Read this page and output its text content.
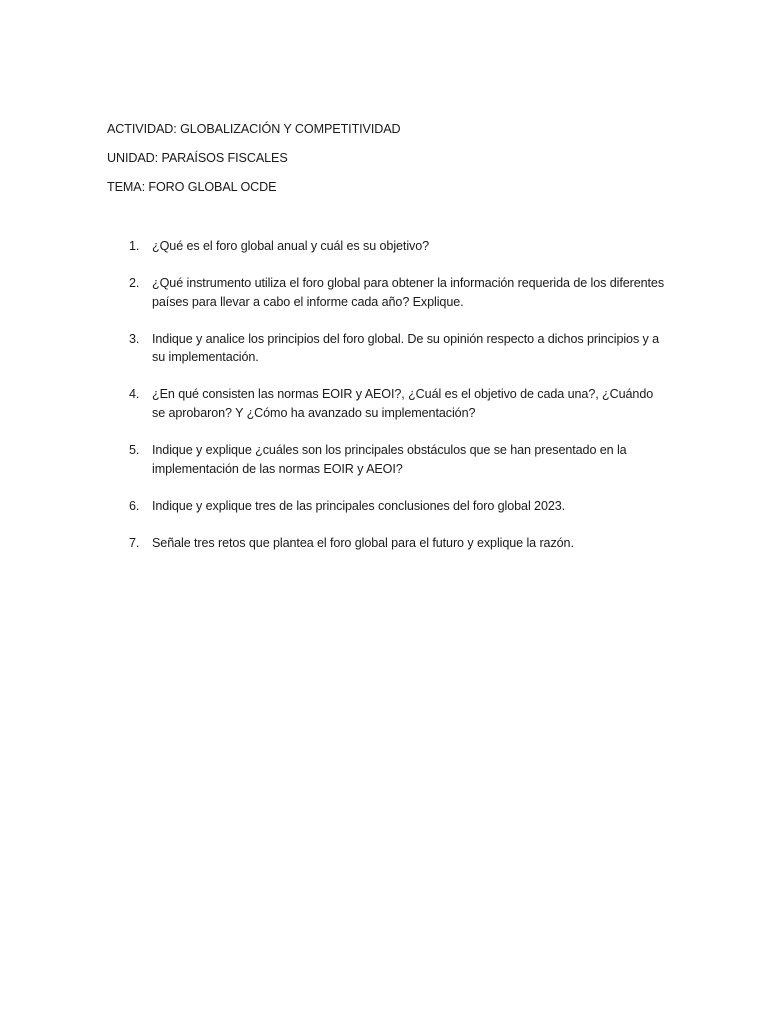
ACTIVIDAD: GLOBALIZACIÓN Y COMPETITIVIDAD

UNIDAD: PARAÍSOS FISCALES

TEMA: FORO GLOBAL OCDE

1. ¿Qué es el foro global anual y cuál es su objetivo?
2. ¿Qué instrumento utiliza el foro global para obtener la información requerida de los diferentes países para llevar a cabo el informe cada año? Explique.
3. Indique y analice los principios del foro global. De su opinión respecto a dichos principios y a su implementación.
4. ¿En qué consisten las normas EOIR y AEOI?, ¿Cuál es el objetivo de cada una?, ¿Cuándo se aprobaron? Y ¿Cómo ha avanzado su implementación?
5. Indique y explique ¿cuáles son los principales obstáculos que se han presentado en la implementación de las normas EOIR y AEOI?
6. Indique y explique tres de las principales conclusiones del foro global 2023.
7. Señale tres retos que plantea el foro global para el futuro y explique la razón.
